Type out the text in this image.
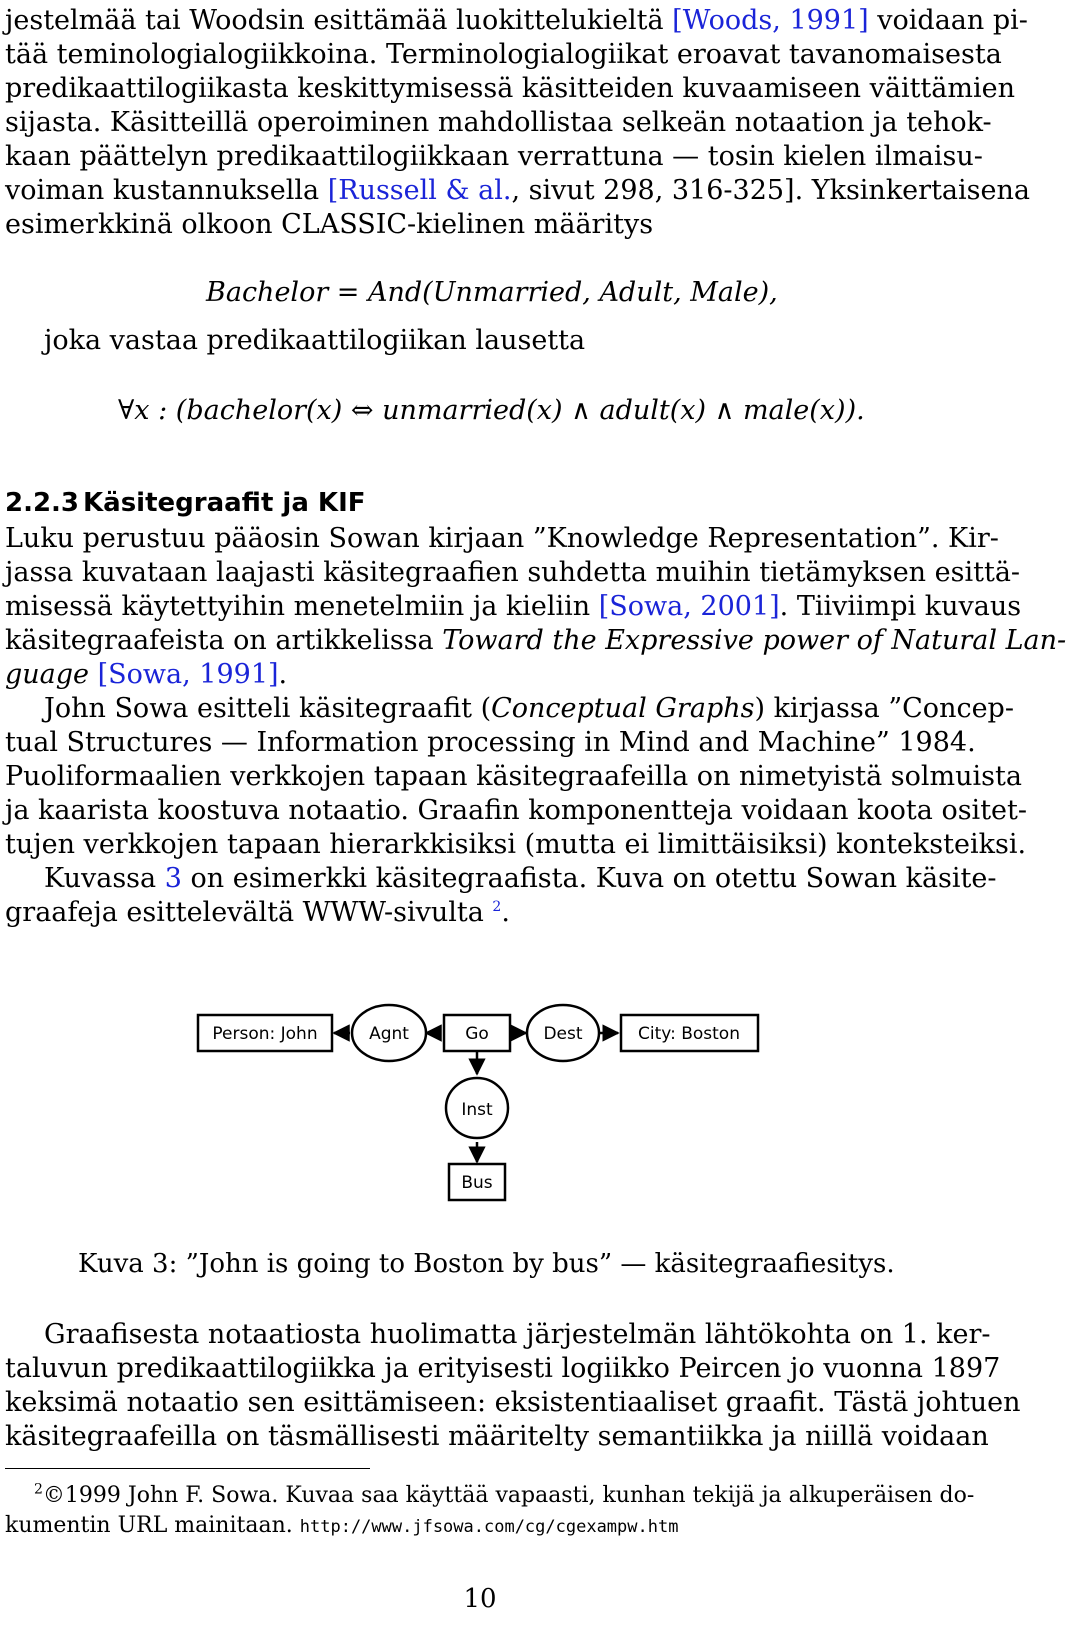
jestelmää tai Woodsin esittämää luokittelukieltä [Woods, 1991] voidaan pi-
tää teminologialogiikkoina. Terminologialogiikat eroavat tavanomaisesta
predikaattilogiikasta keskittymisessä käsitteiden kuvaamiseen väittämien
sijasta. Käsitteillä operoiminen mahdollistaa selkeän notaation ja tehok-
kaan päättelyn predikaattilogiikkaan verrattuna — tosin kielen ilmaisu-
voiman kustannuksella [Russell & al., sivut 298, 316-325]. Yksinkertaisena
esimerkkinä olkoon CLASSIC-kielinen määritys
Bachelor = And(Unmarried, Adult, Male),
joka vastaa predikaattilogiikan lausetta
∀x : (bachelor(x) ⇔ unmarried(x) ∧ adult(x) ∧ male(x)).
2.2.3 Käsitegraafit ja KIF
Luku perustuu pääosin Sowan kirjaan ”Knowledge Representation”. Kir-
jassa kuvataan laajasti käsitegraafien suhdetta muihin tietämyksen esittä-
misessä käytettyihin menetelmiin ja kieliin [Sowa, 2001]. Tiiviimpi kuvaus
käsitegraafeista on artikkelissa Toward the Expressive power of Natural Lan-
guage [Sowa, 1991].
John Sowa esitteli käsitegraafit (Conceptual Graphs) kirjassa ”Concep-
tual Structures — Information processing in Mind and Machine” 1984.
Puoliformaalien verkkojen tapaan käsitegraafeilla on nimetyistä solmuista
ja kaarista koostuva notaatio. Graafin komponentteja voidaan koota ositet-
tujen verkkojen tapaan hierarkkisiksi (mutta ei limittäisiksi) konteksteiksi.
Kuvassa 3 on esimerkki käsitegraafista. Kuva on otettu Sowan käsite-
graafeja esittelevältä WWW-sivulta $^2$.
Person: John	Agnt	Go	Dest	City: Boston
Inst
Bus
Kuva 3: ”John is going to Boston by bus” — käsitegraafiesitys.
Graafisesta notaatiosta huolimatta järjestelmän lähtökohta on 1. ker-
taluvun predikaattilogiikka ja erityisesti logiikko Peircen jo vuonna 1897
keksimä notaatio sen esittämiseen: eksistentiaaliset graafit. Tästä johtuen
käsitegraafeilla on täsmällisesti määritelty semantiikka ja niillä voidaan
$^2$©1999 John F. Sowa. Kuvaa saa käyttää vapaasti, kunhan tekijä ja alkuperäisen do-
kumentin URL mainitaan. http://www.jfsowa.com/cg/cgexampw.htm
10
